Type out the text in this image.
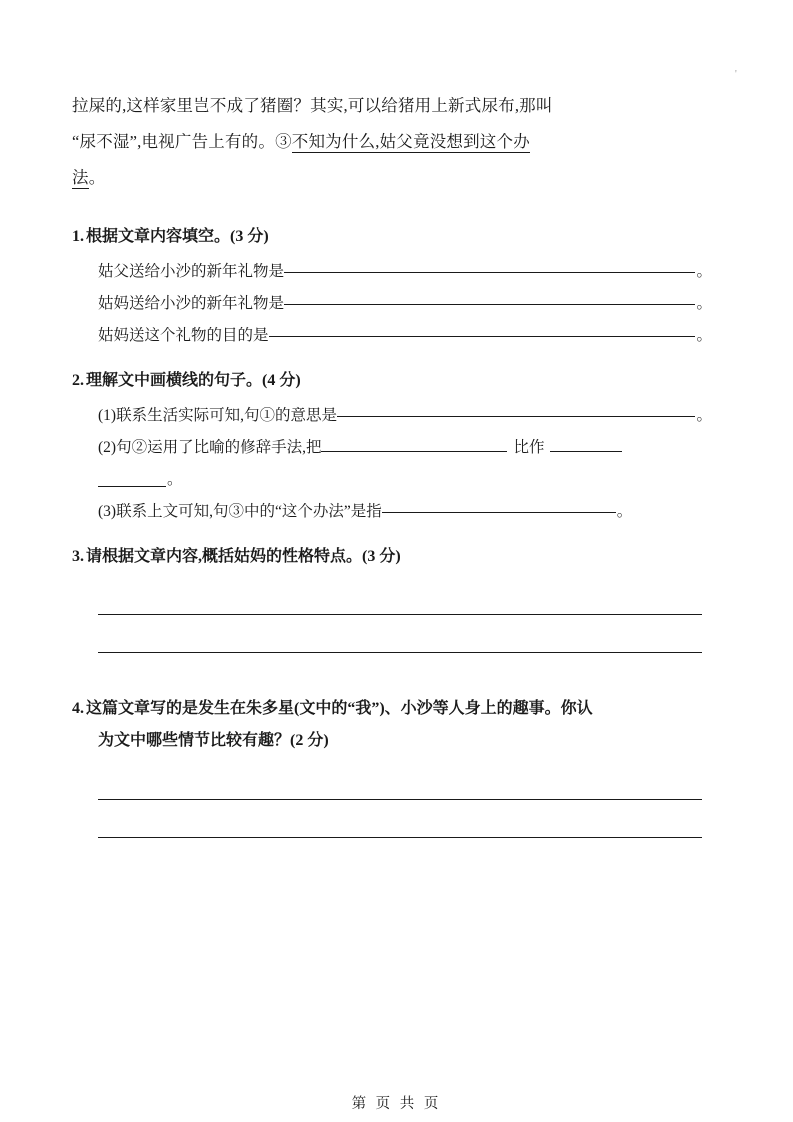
'
拉屎的,这样家里岂不成了猪圈？其实,可以给猪用上新式尿布,那叫
“尿不湿”,电视广告上有的。③不知为什么,姑父竟没想到这个办
法。
1. 根据文章内容填空。(3 分)
姑父送给小沙的新年礼物是	。
姑妈送给小沙的新年礼物是	。
姑妈送这个礼物的目的是	。
2. 理解文中画横线的句子。(4 分)
(1)联系生活实际可知,句①的意思是	。
(2)句②运用了比喻的修辞手法,把	比作
。
(3)联系上文可知,句③中的“这个办法”是指	。
3. 请根据文章内容,概括姑妈的性格特点。(3 分)
4. 这篇文章写的是发生在朱多星(文中的“我”)、小沙等人身上的趣事。你认
为文中哪些情节比较有趣？(2 分)
第 页 共 页
